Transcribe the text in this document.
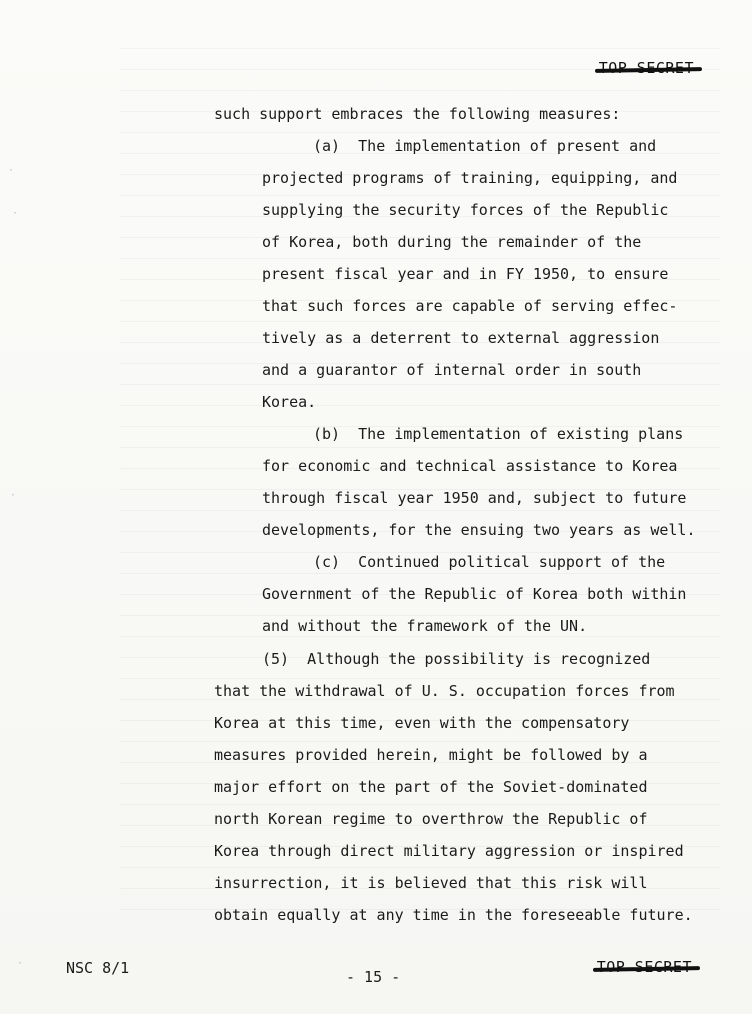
such support embraces the following measures:
(a)  The implementation of present and
projected programs of training, equipping, and
supplying the security forces of the Republic
of Korea, both during the remainder of the
present fiscal year and in FY 1950, to ensure
that such forces are capable of serving effec-
tively as a deterrent to external aggression
and a guarantor of internal order in south
Korea.
(b)  The implementation of existing plans
for economic and technical assistance to Korea
through fiscal year 1950 and, subject to future
developments, for the ensuing two years as well.
(c)  Continued political support of the
Government of the Republic of Korea both within
and without the framework of the UN.
(5)  Although the possibility is recognized
that the withdrawal of U. S. occupation forces from
Korea at this time, even with the compensatory
measures provided herein, might be followed by a
major effort on the part of the Soviet-dominated
north Korean regime to overthrow the Republic of
Korea through direct military aggression or inspired
insurrection, it is believed that this risk will
obtain equally at any time in the foreseeable future.
NSC 8/1	- 15 -
·
·
·
·
